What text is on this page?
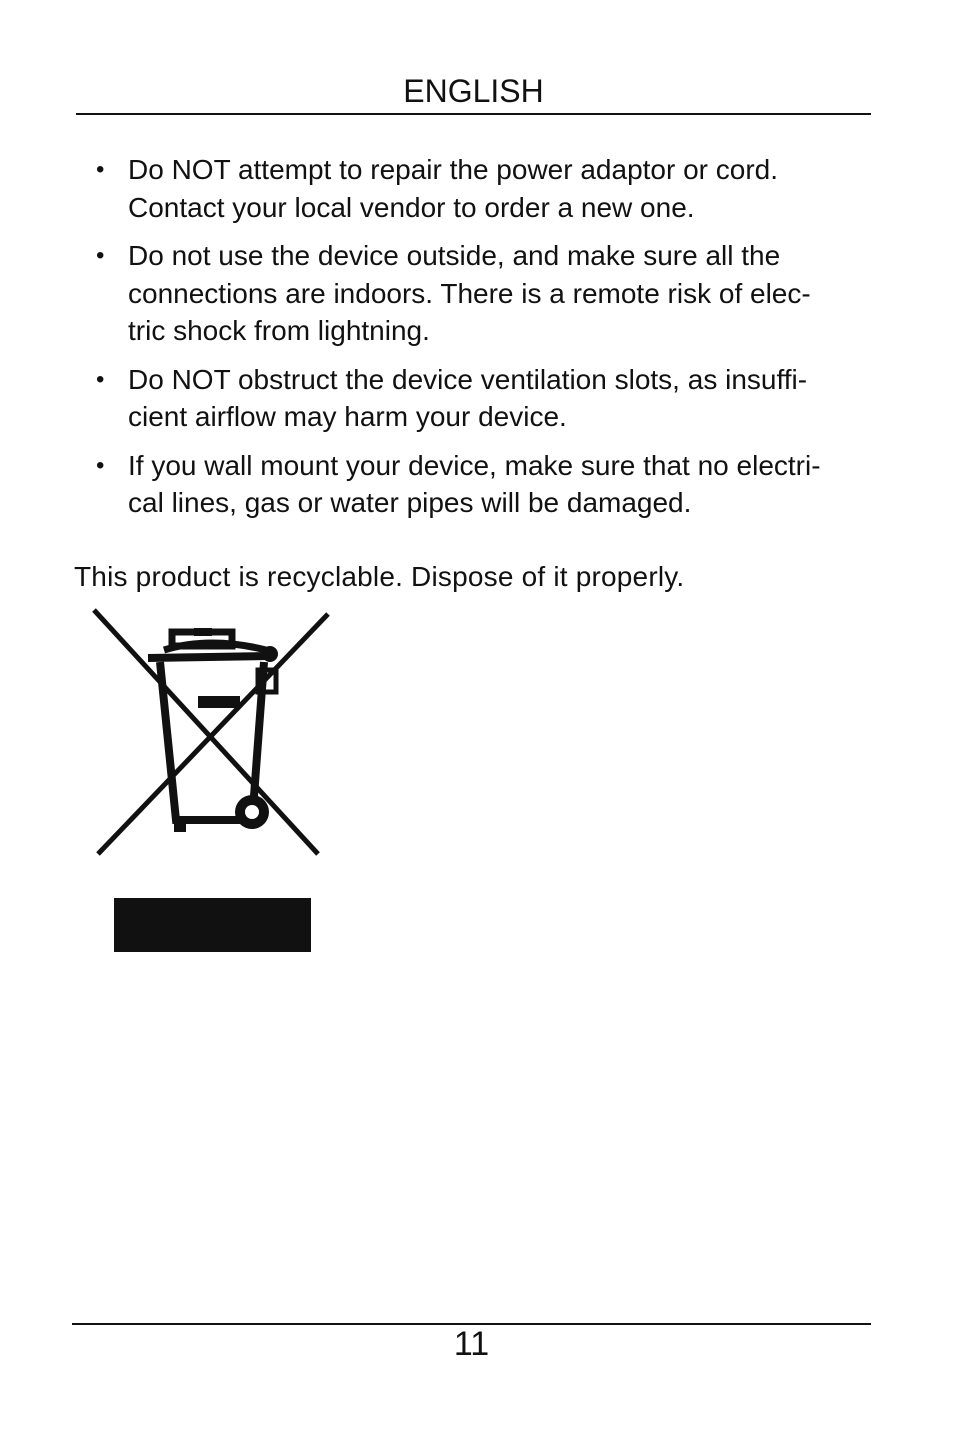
ENGLISH
• Do NOT attempt to repair the power adaptor or cord.
Contact your local vendor to order a new one.
• Do not use the device outside, and make sure all the
connections are indoors. There is a remote risk of elec-
tric shock from lightning.
• Do NOT obstruct the device ventilation slots, as insuffi-
cient airflow may harm your device.
• If you wall mount your device, make sure that no electri-
cal lines, gas or water pipes will be damaged.
This product is recyclable. Dispose of it properly.
11
